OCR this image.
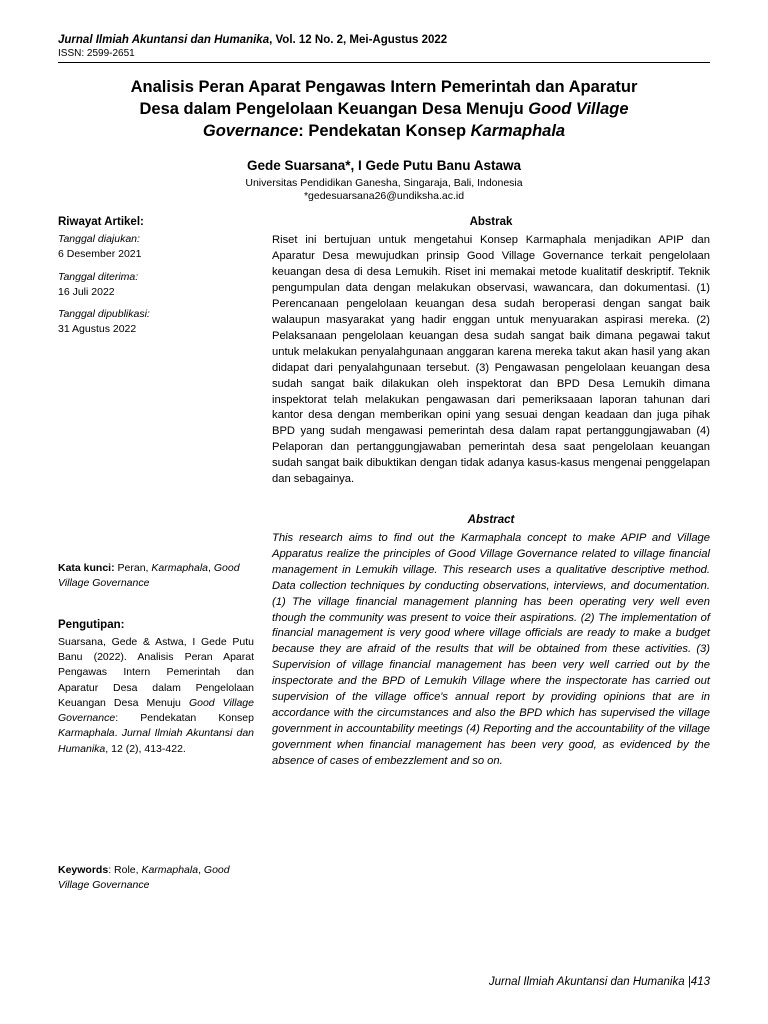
Jurnal Ilmiah Akuntansi dan Humanika, Vol. 12 No. 2, Mei-Agustus 2022
ISSN: 2599-2651
Analisis Peran Aparat Pengawas Intern Pemerintah dan Aparatur
Desa dalam Pengelolaan Keuangan Desa Menuju Good Village
Governance: Pendekatan Konsep Karmaphala
Gede Suarsana*, I Gede Putu Banu Astawa
Universitas Pendidikan Ganesha, Singaraja, Bali, Indonesia
*gedesuarsana26@undiksha.ac.id
Riwayat Artikel:
Tanggal diajukan:
6 Desember 2021
Tanggal diterima:
16 Juli 2022
Tanggal dipublikasi:
31 Agustus 2022
Kata kunci: Peran, Karmaphala, Good Village Governance
Pengutipan:
Suarsana, Gede & Astwa, I Gede Putu Banu (2022). Analisis Peran Aparat Pengawas Intern Pemerintah dan Aparatur Desa dalam Pengelolaan Keuangan Desa Menuju Good Village Governance: Pendekatan Konsep Karmaphala. Jurnal Ilmiah Akuntansi dan Humanika, 12 (2), 413-422.
Keywords: Role, Karmaphala, Good Village Governance
Abstrak
Riset ini bertujuan untuk mengetahui Konsep Karmaphala menjadikan APIP dan Aparatur Desa mewujudkan prinsip Good Village Governance terkait pengelolaan keuangan desa di desa Lemukih. Riset ini memakai metode kualitatif deskriptif. Teknik pengumpulan data dengan melakukan observasi, wawancara, dan dokumentasi. (1) Perencanaan pengelolaan keuangan desa sudah beroperasi dengan sangat baik walaupun masyarakat yang hadir enggan untuk menyuarakan aspirasi mereka. (2) Pelaksanaan pengelolaan keuangan desa sudah sangat baik dimana pegawai takut untuk melakukan penyalahgunaan anggaran karena mereka takut akan hasil yang akan didapat dari penyalahgunaan tersebut. (3) Pengawasan pengelolaan keuangan desa sudah sangat baik dilakukan oleh inspektorat dan BPD Desa Lemukih dimana inspektorat telah melakukan pengawasan dari pemeriksaaan laporan tahunan dari kantor desa dengan memberikan opini yang sesuai dengan keadaan dan juga pihak BPD yang sudah mengawasi pemerintah desa dalam rapat pertanggungjawaban (4) Pelaporan dan pertanggungjawaban pemerintah desa saat pengelolaan keuangan sudah sangat baik dibuktikan dengan tidak adanya kasus-kasus mengenai penggelapan dan sebagainya.
Abstract
This research aims to find out the Karmaphala concept to make APIP and Village Apparatus realize the principles of Good Village Governance related to village financial management in Lemukih village. This research uses a qualitative descriptive method. Data collection techniques by conducting observations, interviews, and documentation. (1) The village financial management planning has been operating very well even though the community was present to voice their aspirations. (2) The implementation of financial management is very good where village officials are ready to make a budget because they are afraid of the results that will be obtained from these activities. (3) Supervision of village financial management has been very well carried out by the inspectorate and the BPD of Lemukih Village where the inspectorate has carried out supervision of the village office's annual report by providing opinions that are in accordance with the circumstances and also the BPD which has supervised the village government in accountability meetings (4) Reporting and the accountability of the village government when financial management has been very good, as evidenced by the absence of cases of embezzlement and so on.
Jurnal Ilmiah Akuntansi dan Humanika |413
